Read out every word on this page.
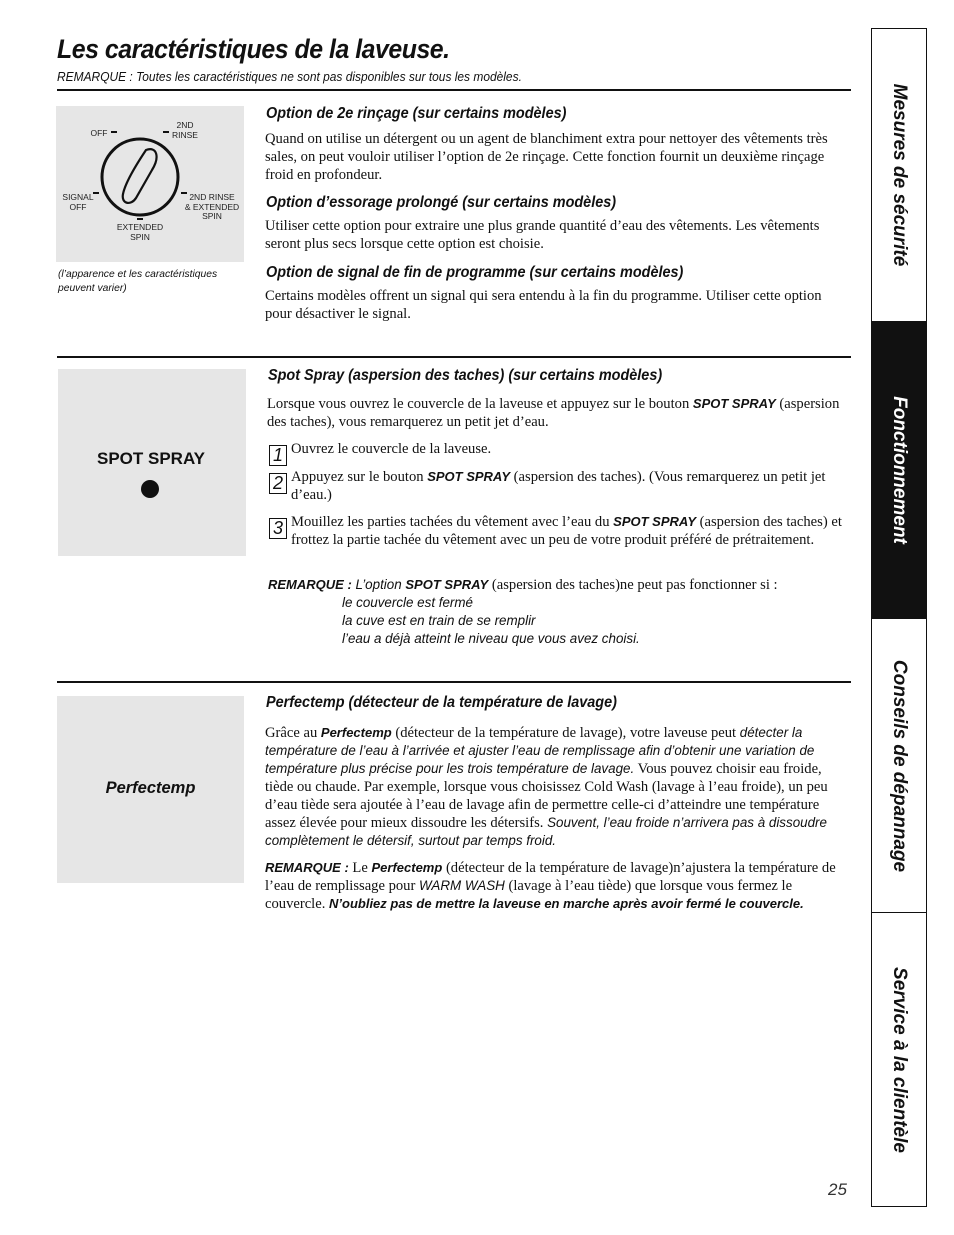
Les caractéristiques de la laveuse.
REMARQUE : Toutes les caractéristiques ne sont pas disponibles sur tous les modèles.
OFF
2ND
RINSE
SIGNAL
OFF
2ND RINSE
& EXTENDED
SPIN
EXTENDED
SPIN
(l’apparence et les caractéristiques
peuvent varier)
Option de 2e rinçage (sur certains modèles)
Quand on utilise un détergent ou un agent de blanchiment extra pour nettoyer des vêtements très sales, on peut vouloir utiliser l’option de 2e rinçage. Cette fonction fournit un deuxième rinçage froid en profondeur.
Option d’essorage prolongé (sur certains modèles)
Utiliser cette option pour extraire une plus grande quantité d’eau des vêtements. Les vêtements seront plus secs lorsque cette option est choisie.
Option de signal de fin de programme (sur certains modèles)
Certains modèles offrent un signal qui sera entendu à la fin du programme. Utiliser cette option pour désactiver le signal.
SPOT SPRAY
Spot Spray (aspersion des taches) (sur certains modèles)
Lorsque vous ouvrez le couvercle de la laveuse et appuyez sur le bouton SPOT SPRAY (aspersion des taches), vous remarquerez un petit jet d’eau.
1 Ouvrez le couvercle de la laveuse.
2 Appuyez sur le bouton SPOT SPRAY (aspersion des taches). (Vous remarquerez un petit jet d’eau.)
3 Mouillez les parties tachées du vêtement avec l’eau du SPOT SPRAY (aspersion des taches) et frottez la partie tachée du vêtement avec un peu de votre produit préféré de prétraitement.
REMARQUE : L’option SPOT SPRAY (aspersion des taches)ne peut pas fonctionner si :
le couvercle est fermé
la cuve est en train de se remplir
l’eau a déjà atteint le niveau que vous avez choisi.
Perfectemp
Perfectemp (détecteur de la température de lavage)
Grâce au Perfectemp (détecteur de la température de lavage), votre laveuse peut détecter la température de l’eau à l’arrivée et ajuster l’eau de remplissage afin d’obtenir une variation de température plus précise pour les trois température de lavage. Vous pouvez choisir eau froide, tiède ou chaude. Par exemple, lorsque vous choisissez Cold Wash (lavage à l’eau froide), un peu d’eau tiède sera ajoutée à l’eau de lavage afin de permettre celle-ci d’atteindre une température assez élevée pour mieux dissoudre les détersifs. Souvent, l’eau froide n’arrivera pas à dissoudre complètement le détersif, surtout par temps froid.
REMARQUE : Le Perfectemp (détecteur de la température de lavage)n’ajustera la température de l’eau de remplissage pour WARM WASH (lavage à l’eau tiède) que lorsque vous fermez le couvercle. N’oubliez pas de mettre la laveuse en marche après avoir fermé le couvercle.
25
Mesures de sécurité
Fonctionnement
Conseils de dépannage
Service à la clientèle
